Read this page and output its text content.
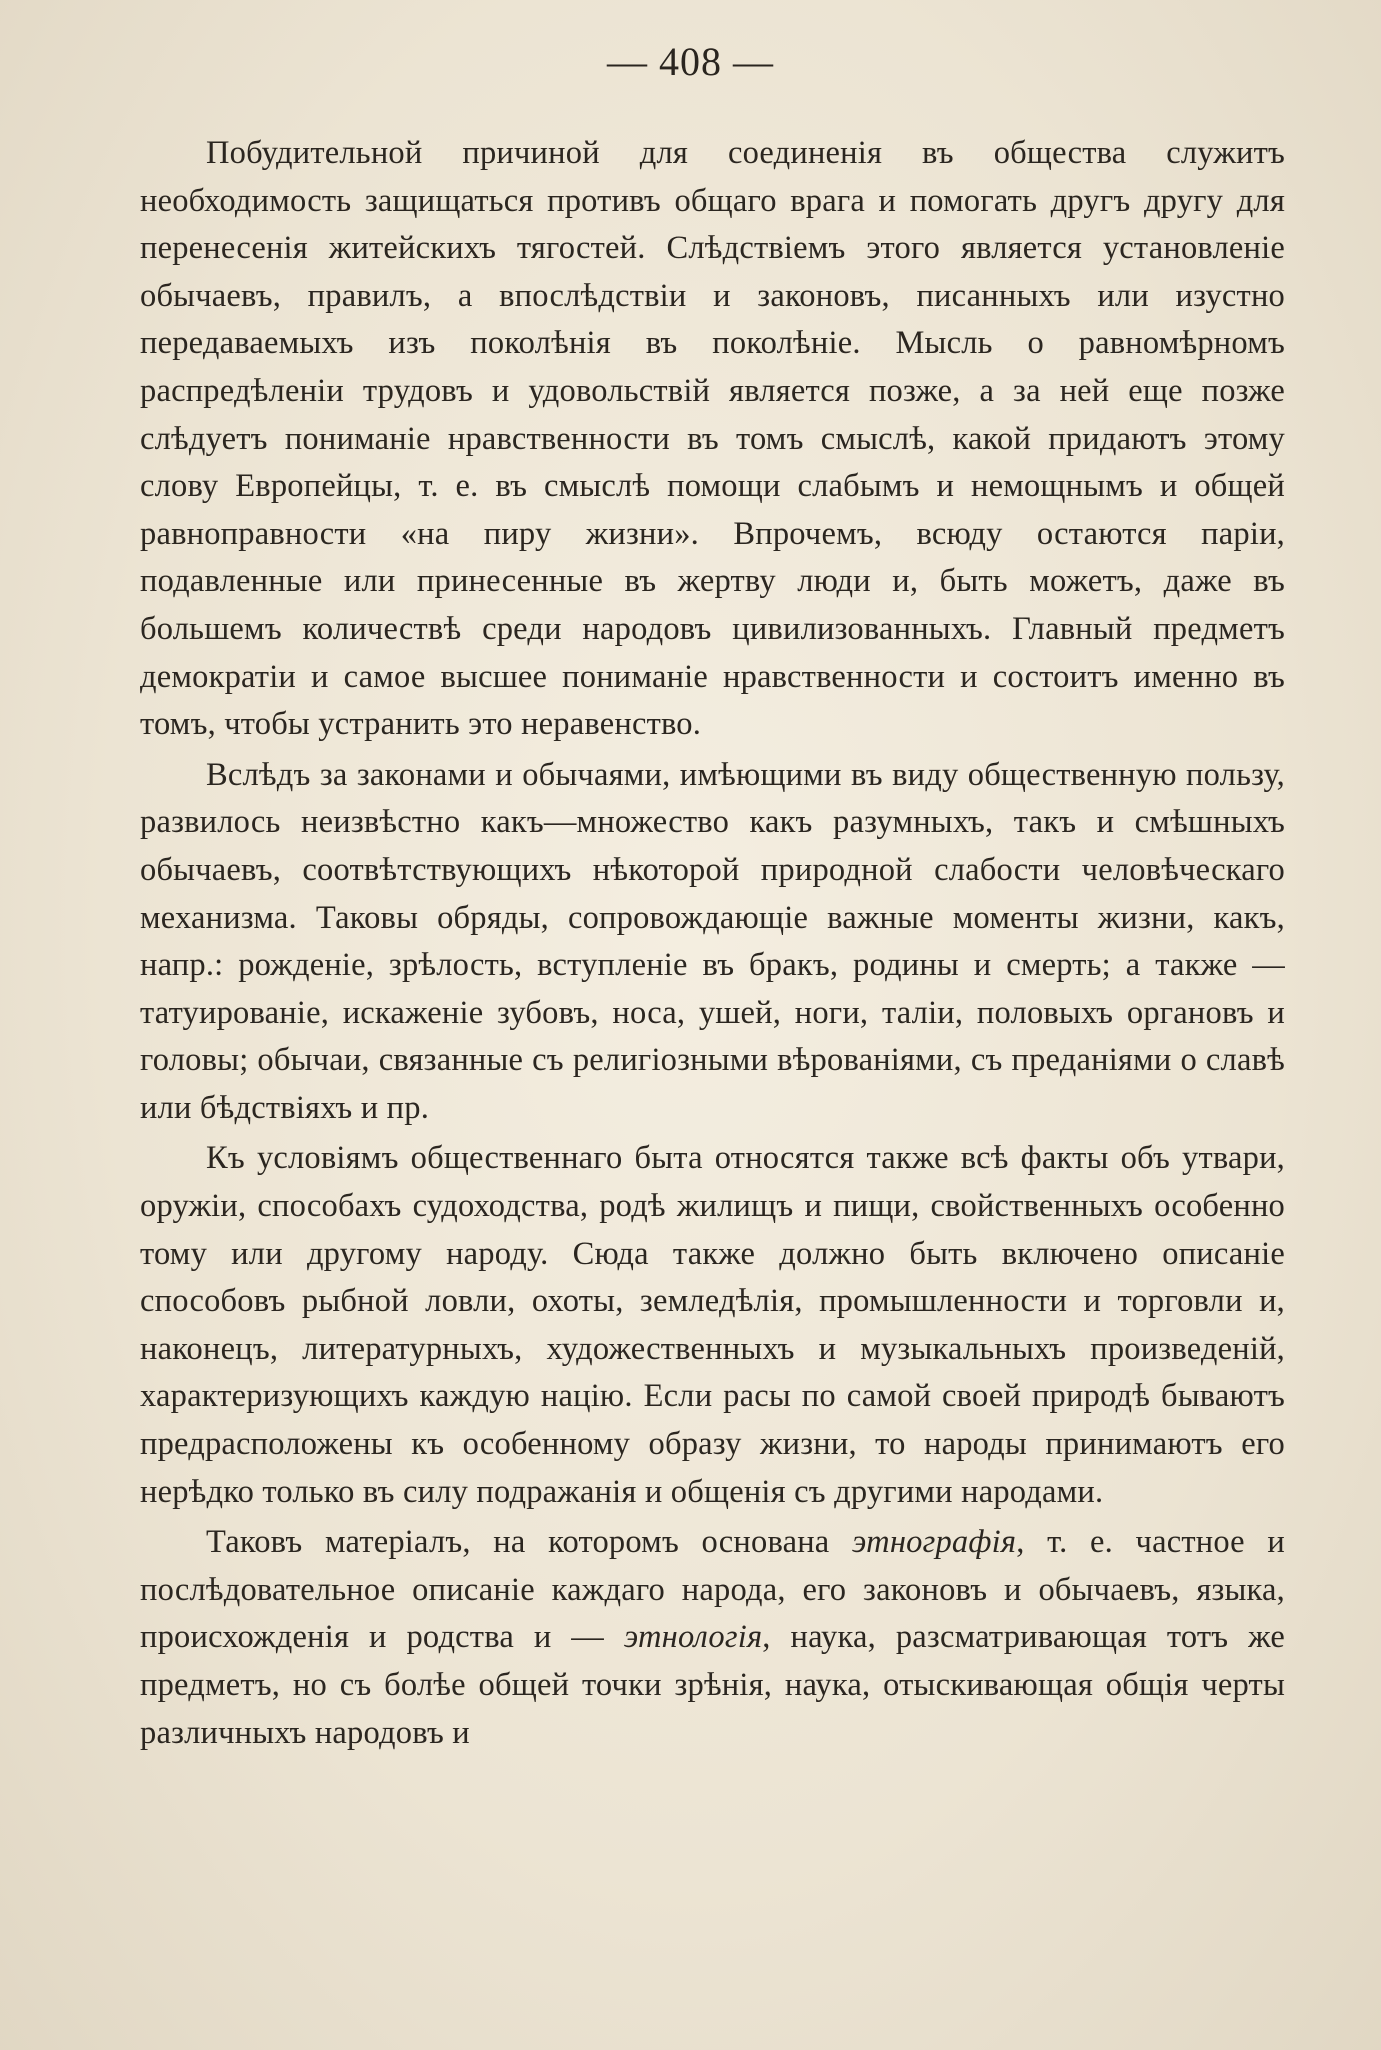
— 408 —

Побудительной причиной для соединенія въ общества служитъ необходимость защищаться противъ общаго врага и помогать другъ другу для перенесенія житейскихъ тягостей. Слѣдствіемъ этого является установленіе обычаевъ, правилъ, а впослѣдствіи и законовъ, писанныхъ или изустно передаваемыхъ изъ поколѣнія въ поколѣніе. Мысль о равномѣрномъ распредѣленіи трудовъ и удовольствій является позже, а за ней еще позже слѣдуетъ пониманіе нравственности въ томъ смыслѣ, какой придаютъ этому слову Европейцы, т. е. въ смыслѣ помощи слабымъ и немощнымъ и общей равноправности «на пиру жизни». Впрочемъ, всюду остаются паріи, подавленные или принесенные въ жертву люди и, быть можетъ, даже въ большемъ количествѣ среди народовъ цивилизованныхъ. Главный предметъ демократіи и самое высшее пониманіе нравственности и состоитъ именно въ томъ, чтобы устранить это неравенство.

Вслѣдъ за законами и обычаями, имѣющими въ виду общественную пользу, развилось неизвѣстно какъ—множество какъ разумныхъ, такъ и смѣшныхъ обычаевъ, соотвѣтствующихъ нѣкоторой природной слабости человѣческаго механизма. Таковы обряды, сопровождающіе важные моменты жизни, какъ, напр.: рожденіе, зрѣлость, вступленіе въ бракъ, родины и смерть; а также — татуированіе, искаженіе зубовъ, носа, ушей, ноги, таліи, половыхъ органовъ и головы; обычаи, связанные съ религіозными вѣрованіями, съ преданіями о славѣ или бѣдствіяхъ и пр.

Къ условіямъ общественнаго быта относятся также всѣ факты объ утвари, оружіи, способахъ судоходства, родѣ жилищъ и пищи, свойственныхъ особенно тому или другому народу. Сюда также должно быть включено описаніе способовъ рыбной ловли, охоты, земледѣлія, промышленности и торговли и, наконецъ, литературныхъ, художественныхъ и музыкальныхъ произведеній, характеризующихъ каждую націю. Если расы по самой своей природѣ бываютъ предрасположены къ особенному образу жизни, то народы принимаютъ его нерѣдко только въ силу подражанія и общенія съ другими народами.

Таковъ матеріалъ, на которомъ основана этнографія, т. е. частное и послѣдовательное описаніе каждаго народа, его законовъ и обычаевъ, языка, происхожденія и родства и — этнологія, наука, разсматривающая тотъ же предметъ, но съ болѣе общей точки зрѣнія, наука, отыскивающая общія черты различныхъ народовъ и
